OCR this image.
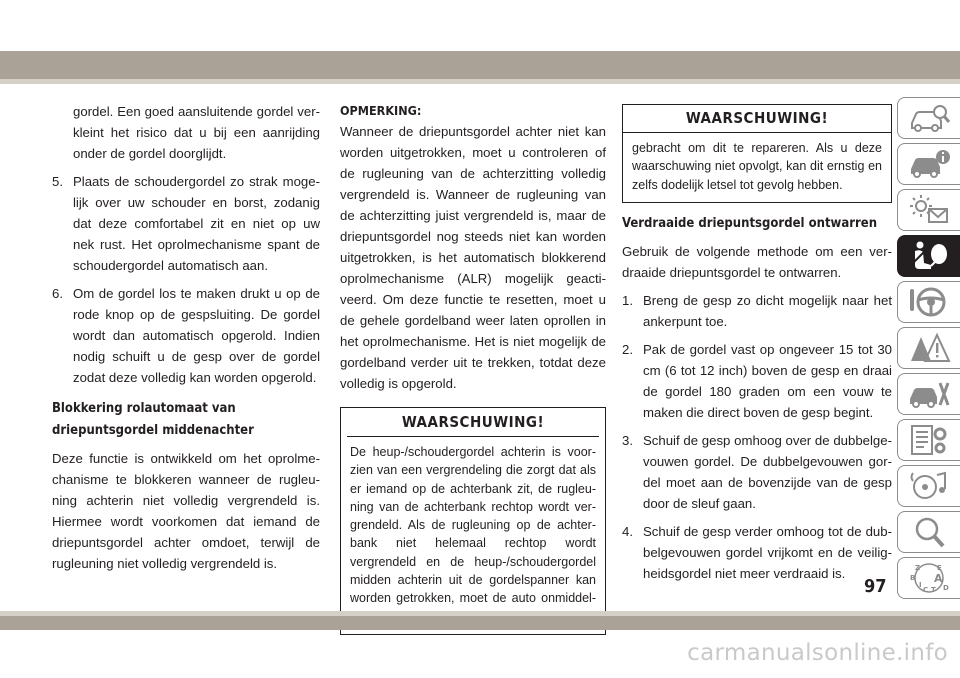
gordel. Een goed aansluitende gordel ver-kleint het risico dat u bij een aanrijding onder de gordel doorglijdt.

5. Plaats de schoudergordel zo strak moge-lijk over uw schouder en borst, zodanig dat deze comfortabel zit en niet op uw nek rust. Het oprolmechanisme spant de schoudergordel automatisch aan.
6. Om de gordel los te maken drukt u op de rode knop op de gespsluiting. De gordel wordt dan automatisch opgerold. Indien nodig schuift u de gesp over de gordel zodat deze volledig kan worden opgerold.
Blokkering rolautomaat van driepuntsgordel middenachter

Deze functie is ontwikkeld om het oprolme-chanisme te blokkeren wanneer de rugleu-ning achterin niet volledig vergrendeld is. Hiermee wordt voorkomen dat iemand de driepuntsgordel achter omdoet, terwijl de rugleuning niet volledig vergrendeld is.

OPMERKING:

Wanneer de driepuntsgordel achter niet kan worden uitgetrokken, moet u controleren of de rugleuning van de achterzitting volledig vergrendeld is. Wanneer de rugleuning van de achterzitting juist vergrendeld is, maar de driepuntsgordel nog steeds niet kan worden uitgetrokken, is het automatisch blokkerend oprolmechanisme (ALR) mogelijk geacti-veerd. Om deze functie te resetten, moet u de gehele gordelband weer laten oprollen in het oprolmechanisme. Het is niet mogelijk de gordelband verder uit te trekken, totdat deze volledig is opgerold.

WAARSCHUWING!
De heup-/schoudergordel achterin is voor-zien van een vergrendeling die zorgt dat als er iemand op de achterbank zit, de rugleu-ning van de achterbank rechtop wordt ver-grendeld. Als de rugleuning op de achter-bank niet helemaal rechtop wordt vergrendeld en de heup-/schoudergordel midden achterin uit de gordelspanner kan worden getrokken, moet de auto onmiddel-
WAARSCHUWING!
gebracht om dit te repareren. Als u deze waarschuwing niet opvolgt, kan dit ernstig en zelfs dodelijk letsel tot gevolg hebben.
Verdraaide driepuntsgordel ontwarren

Gebruik de volgende methode om een ver-draaide driepuntsgordel te ontwarren.

1. Breng de gesp zo dicht mogelijk naar het ankerpunt toe.
2. Pak de gordel vast op ongeveer 15 tot 30 cm (6 tot 12 inch) boven de gesp en draai de gordel 180 graden om een vouw te maken die direct boven de gesp begint.
3. Schuif de gesp omhoog over de dubbelge-vouwen gordel. De dubbelgevouwen gor-del moet aan de bovenzijde van de gesp door de sleuf gaan.
4. Schuif de gesp verder omhoog tot de dub-belgevouwen gordel vrijkomt en de veilig-heidsgordel niet meer verdraaid is.	Z E
B A
I
C T D
97
carmanualsonline.info
